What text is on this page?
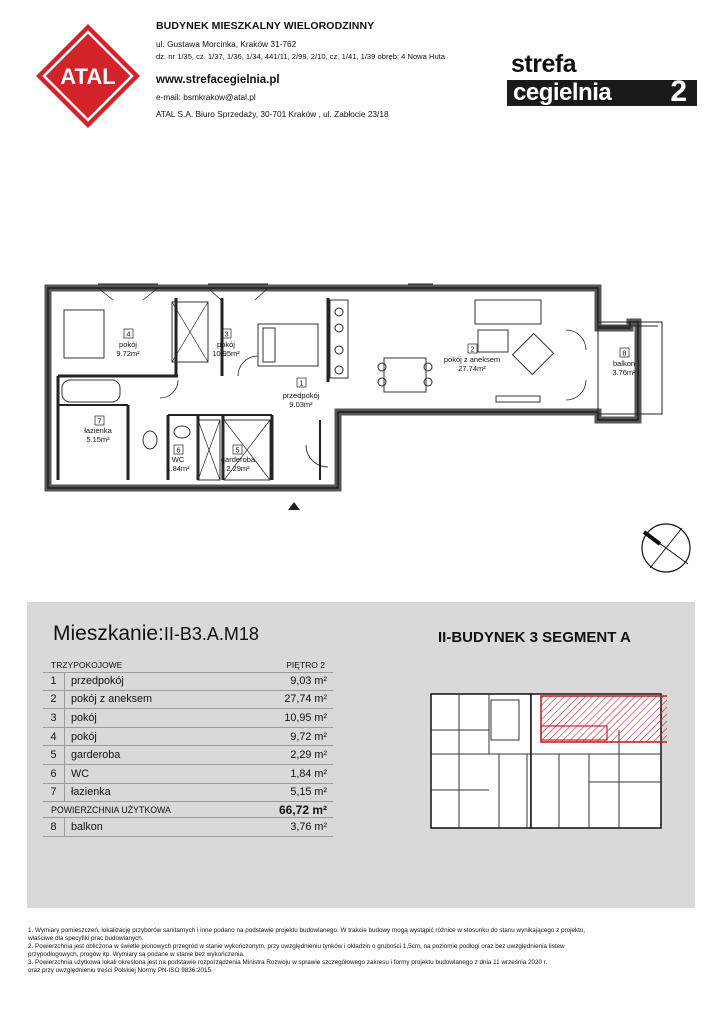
ATAL
BUDYNEK MIESZKALNY WIELORODZINNY
ul. Gustawa Morcinka, Kraków 31-762
dz. nr 1/35, cz. 1/37, 1/36, 1/34, 441/11, 2/99, 2/10, cz. 1/41, 1/39 obręb: 4 Nowa Huta
www.strefacegielnia.pl
e-mail: bsmkrakow@atal.pl
ATAL S.A. Biuro Sprzedaży, 30-701 Kraków , ul. Zabłocie 23/18
strefa
cegielnia 2
4
pokój
9.72m²
3
pokój
10.95m²	2
pokój z aneksem
27.74m²
8
balkon
3.76m²
1
przedpokój
9.03m²
7
łazienka
5.15m²
6
WC
1.84m²
5
garderoba
2.29m²
Mieszkanie:II-B3.A.M18	II-BUDYNEK 3 SEGMENT A
TRZYPOKOJOWE	PIĘTRO 2
1	przedpokój	9,03 m²
2	pokój z aneksem	27,74 m²
3	pokój	10,95 m²
4	pokój	9,72 m²
5	garderoba	2,29 m²
6	WC	1,84 m²
7	łazienka	5,15 m²
POWIERZCHNIA UŻYTKOWA	66,72 m²
8	balkon	3,76 m²
1. Wymiary pomieszczeń, lokalizację przyborów sanitarnych i inne podano na podstawie projektu budowlanego. W trakcie budowy mogą wystąpić różnice w stosunku do stanu wynikającego z projektu,
właściwe dla specyfiki prac budowlanych.
2. Powierzchnia jest obliczona w świetle pionowych przegród w stanie wykończonym, przy uwzględnieniu tynków i okładzin o grubości 1,5cm, na poziomie podłogi oraz bez uwzględnienia listew
przypodłogowych, progów itp. Wymiary są podane w stanie bez wykończenia.
3. Powierzchnia użytkowa lokali określona jest na podstawie rozporządzenia Ministra Rozwoju w sprawie szczegółowego zakresu i formy projektu budowlanego z dnia 11 września 2020 r.
oraz przy uwzględnieniu treści Polskiej Normy PN-ISO 9836:2015.
